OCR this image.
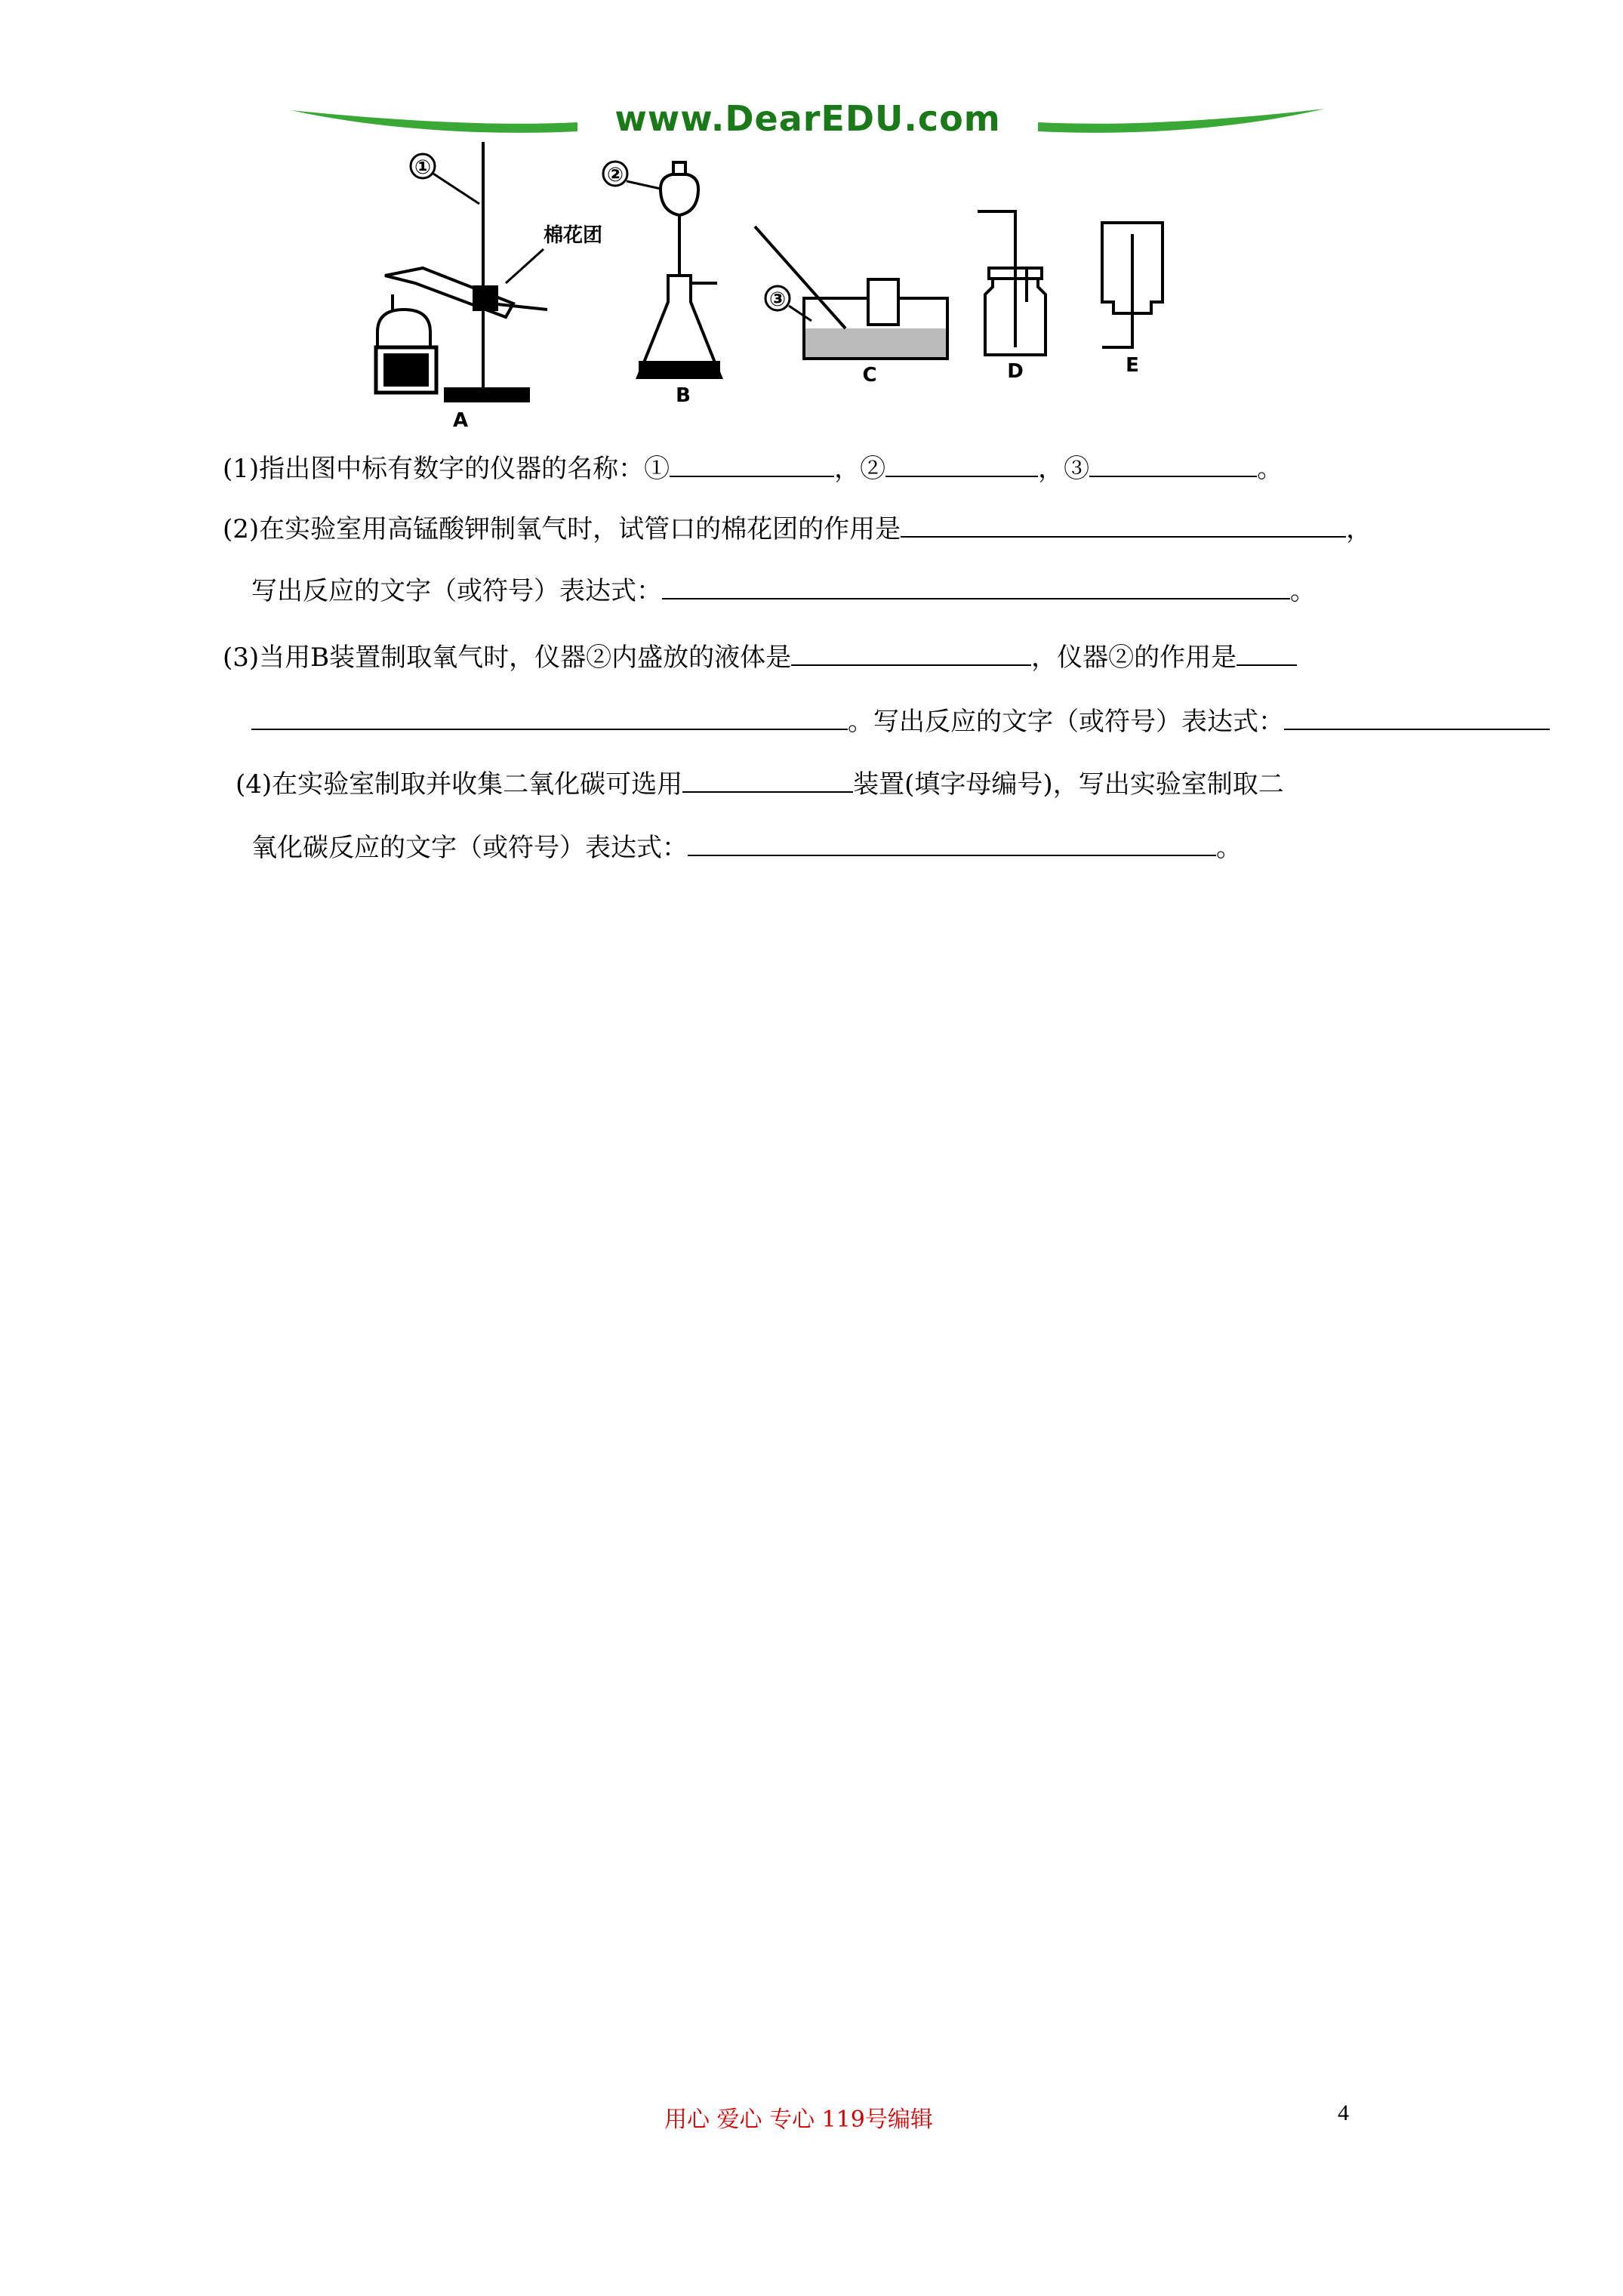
www.DearEDU.com
①
棉花团
A
②
B
③
C	D	E
(1)指出图中标有数字的仪器的名称：①	，②	，③	。
(2)在实验室用高锰酸钾制氧气时，试管口的棉花团的作用是	，
写出反应的文字（或符号）表达式：	。
(3)当用B装置制取氧气时，仪器②内盛放的液体是	，仪器②的作用是
。写出反应的文字（或符号）表达式：
(4)在实验室制取并收集二氧化碳可选用	装置(填字母编号)，写出实验室制取二
氧化碳反应的文字（或符号）表达式：	。
用心 爱心 专心 119号编辑	4
